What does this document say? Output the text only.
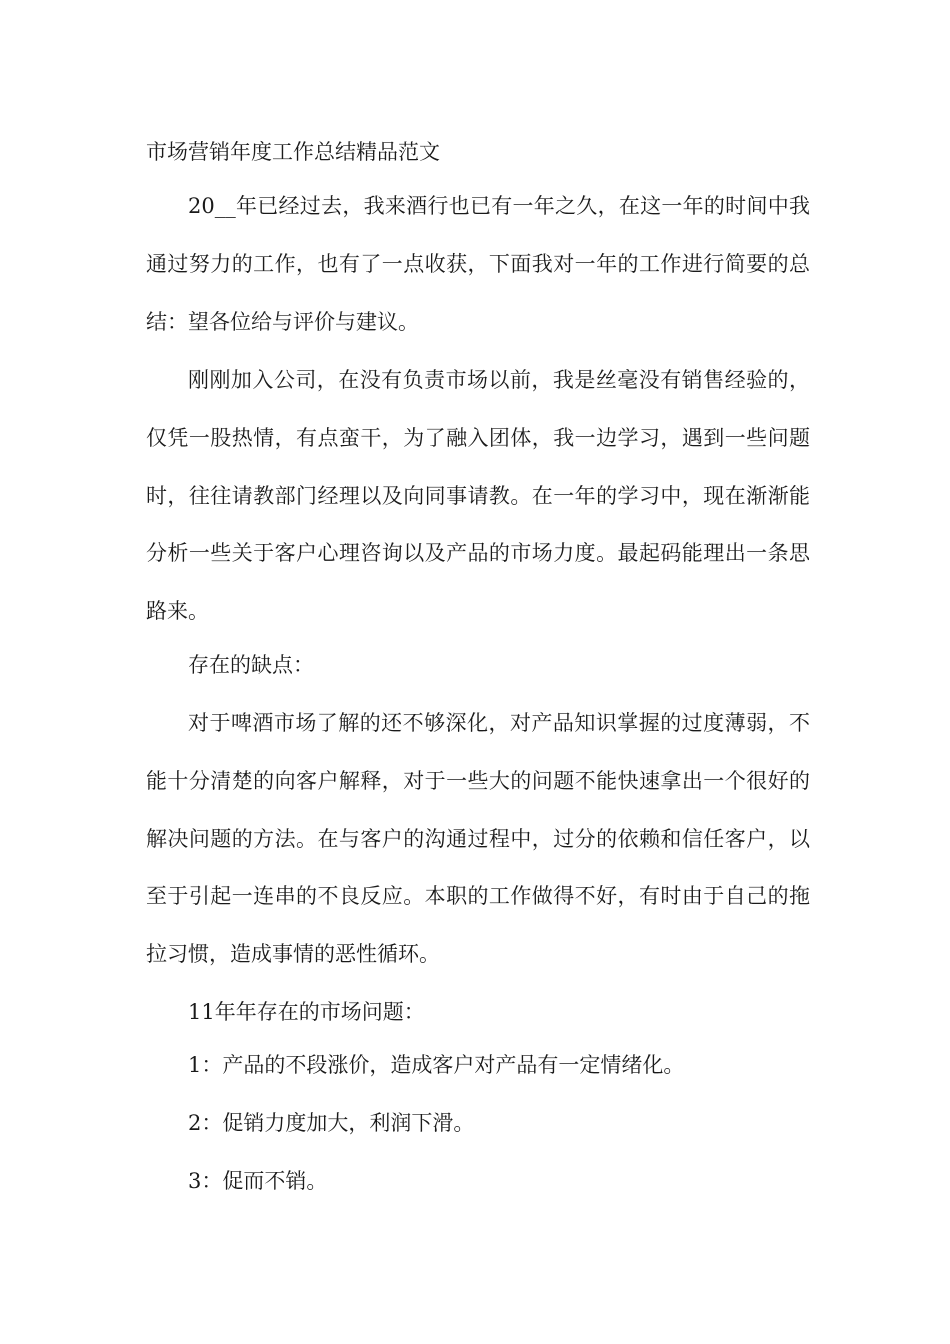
市场营销年度工作总结精品范文

20__年已经过去，我来酒行也已有一年之久，在这一年的时间中我通过努力的工作，也有了一点收获，下面我对一年的工作进行简要的总结：望各位给与评价与建议。

刚刚加入公司，在没有负责市场以前，我是丝毫没有销售经验的，仅凭一股热情，有点蛮干，为了融入团体，我一边学习，遇到一些问题时，往往请教部门经理以及向同事请教。在一年的学习中，现在渐渐能分析一些关于客户心理咨询以及产品的市场力度。最起码能理出一条思路来。

存在的缺点：

对于啤酒市场了解的还不够深化，对产品知识掌握的过度薄弱，不能十分清楚的向客户解释，对于一些大的问题不能快速拿出一个很好的解决问题的方法。在与客户的沟通过程中，过分的依赖和信任客户，以至于引起一连串的不良反应。本职的工作做得不好，有时由于自己的拖拉习惯，造成事情的恶性循环。

11年年存在的市场问题：
1：产品的不段涨价，造成客户对产品有一定情绪化。
2：促销力度加大，利润下滑。
3：促而不销。
